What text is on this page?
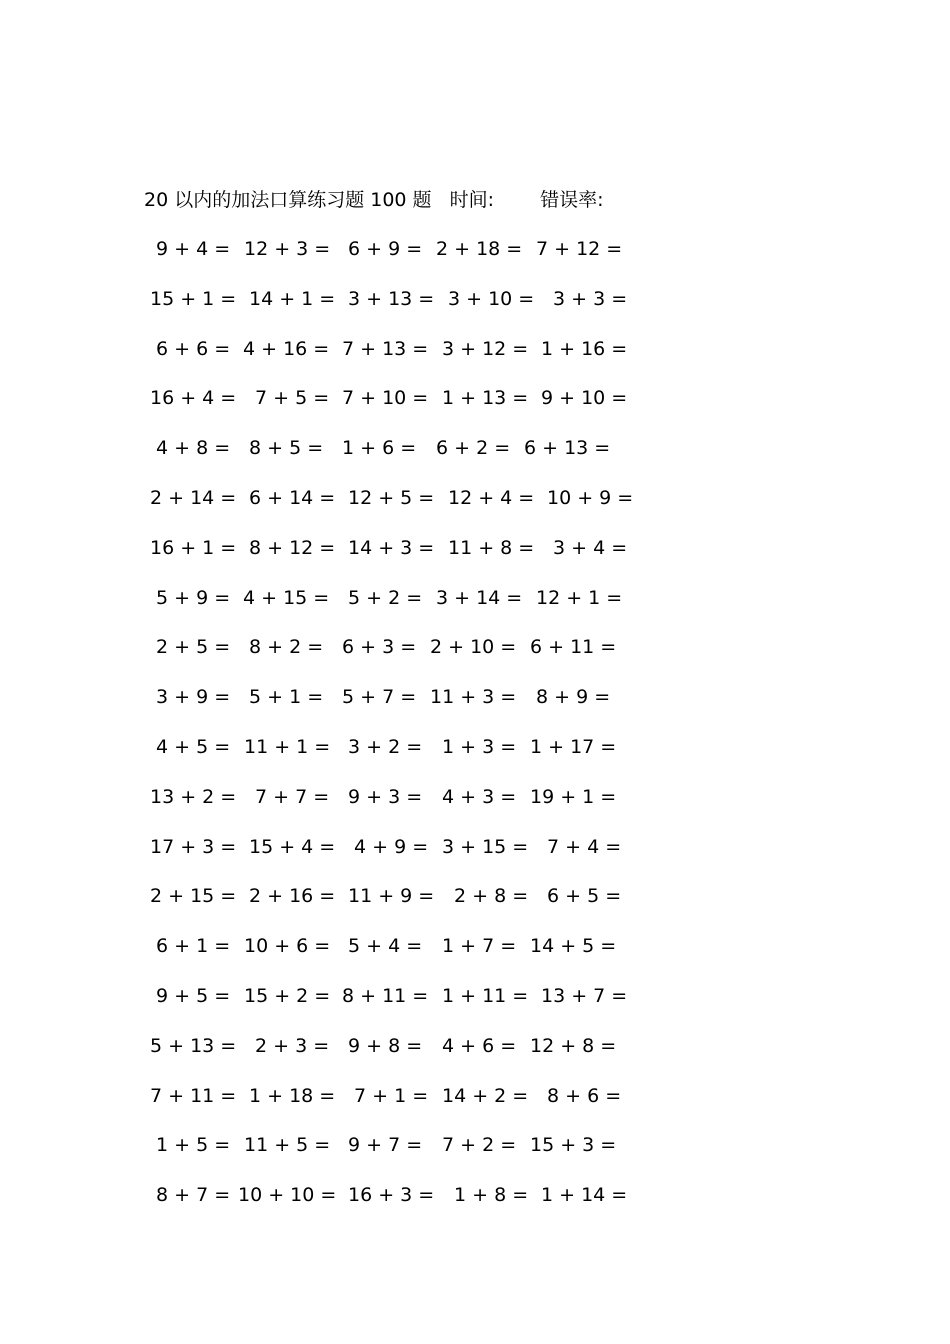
20 以内的加法口算练习题 100 题 时间: 错误率:
9 + 4 = 12 + 3 = 6 + 9 = 2 + 18 = 7 + 12 =
15 + 1 = 14 + 1 = 3 + 13 = 3 + 10 = 3 + 3 =
6 + 6 = 4 + 16 = 7 + 13 = 3 + 12 = 1 + 16 =
16 + 4 = 7 + 5 = 7 + 10 = 1 + 13 = 9 + 10 =
4 + 8 = 8 + 5 = 1 + 6 = 6 + 2 = 6 + 13 =
2 + 14 = 6 + 14 = 12 + 5 = 12 + 4 = 10 + 9 =
16 + 1 = 8 + 12 = 14 + 3 = 11 + 8 = 3 + 4 =
5 + 9 = 4 + 15 = 5 + 2 = 3 + 14 = 12 + 1 =
2 + 5 = 8 + 2 = 6 + 3 = 2 + 10 = 6 + 11 =
3 + 9 = 5 + 1 = 5 + 7 = 11 + 3 = 8 + 9 =
4 + 5 = 11 + 1 = 3 + 2 = 1 + 3 = 1 + 17 =
13 + 2 = 7 + 7 = 9 + 3 = 4 + 3 = 19 + 1 =
17 + 3 = 15 + 4 = 4 + 9 = 3 + 15 = 7 + 4 =
2 + 15 = 2 + 16 = 11 + 9 = 2 + 8 = 6 + 5 =
6 + 1 = 10 + 6 = 5 + 4 = 1 + 7 = 14 + 5 =
9 + 5 = 15 + 2 = 8 + 11 = 1 + 11 = 13 + 7 =
5 + 13 = 2 + 3 = 9 + 8 = 4 + 6 = 12 + 8 =
7 + 11 = 1 + 18 = 7 + 1 = 14 + 2 = 8 + 6 =
1 + 5 = 11 + 5 = 9 + 7 = 7 + 2 = 15 + 3 =
8 + 7 = 10 + 10 = 16 + 3 = 1 + 8 = 1 + 14 =
